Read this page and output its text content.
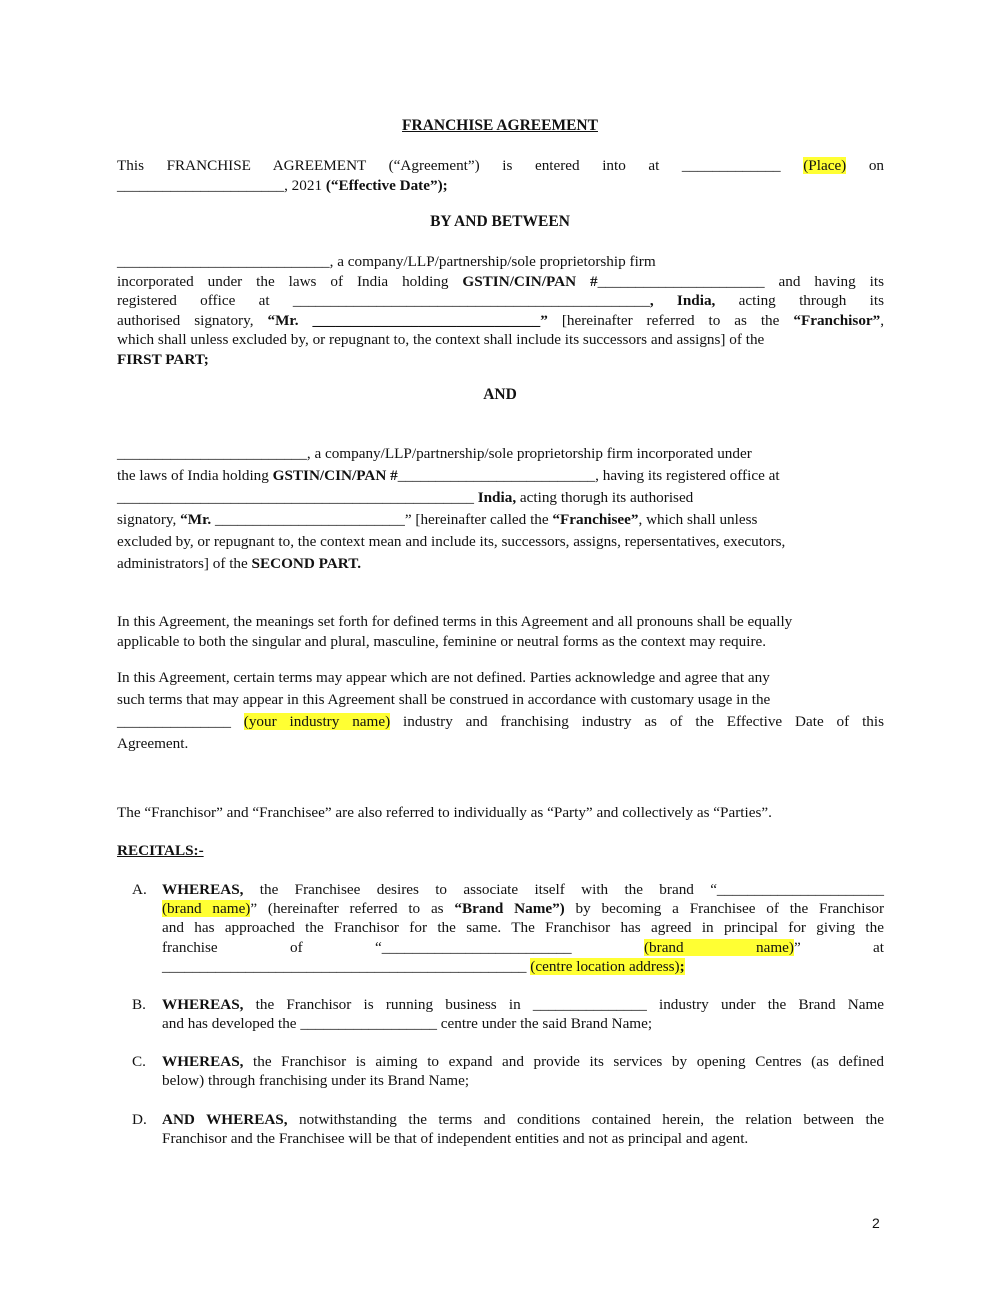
FRANCHISE AGREEMENT
This FRANCHISE AGREEMENT (“Agreement”) is entered into at _____________ (Place) on
______________________, 2021 (“Effective Date”);
BY AND BETWEEN
____________________________, a company/LLP/partnership/sole proprietorship firm
incorporated under the laws of India holding GSTIN/CIN/PAN #______________________ and having its
registered office at _______________________________________________, India, acting through its
authorised signatory, “Mr. ______________________________” [hereinafter referred to as the “Franchisor”,
which shall unless excluded by, or repugnant to, the context shall include its successors and assigns] of the
FIRST PART;
AND
_________________________, a company/LLP/partnership/sole proprietorship firm incorporated under
the laws of India holding GSTIN/CIN/PAN #__________________________, having its registered office at
_______________________________________________ India, acting thorugh its authorised
signatory, “Mr. _________________________” [hereinafter called the “Franchisee”, which shall unless
excluded by, or repugnant to, the context mean and include its, successors, assigns, repersentatives, executors,
administrators] of the SECOND PART.
In this Agreement, the meanings set forth for defined terms in this Agreement and all pronouns shall be equally
applicable to both the singular and plural, masculine, feminine or neutral forms as the context may require.
In this Agreement, certain terms may appear which are not defined. Parties acknowledge and agree that any
such terms that may appear in this Agreement shall be construed in accordance with customary usage in the
_______________ (your industry name) industry and franchising industry as of the Effective Date of this
Agreement.
The “Franchisor” and “Franchisee” are also referred to individually as “Party” and collectively as “Parties”.
RECITALS:-
A. WHEREAS, the Franchisee desires to associate itself with the brand “______________________
(brand name)” (hereinafter referred to as “Brand Name”) by becoming a Franchisee of the Franchisor
and has approached the Franchisor for the same. The Franchisor has agreed in principal for giving the
franchise of “_________________________	(brand name)” at
________________________________________________ (centre location address);
B. WHEREAS, the Franchisor is running business in _______________ industry under the Brand Name
and has developed the __________________ centre under the said Brand Name;
C. WHEREAS, the Franchisor is aiming to expand and provide its services by opening Centres (as defined
below) through franchising under its Brand Name;
D. AND WHEREAS, notwithstanding the terms and conditions contained herein, the relation between the
Franchisor and the Franchisee will be that of independent entities and not as principal and agent.
2
